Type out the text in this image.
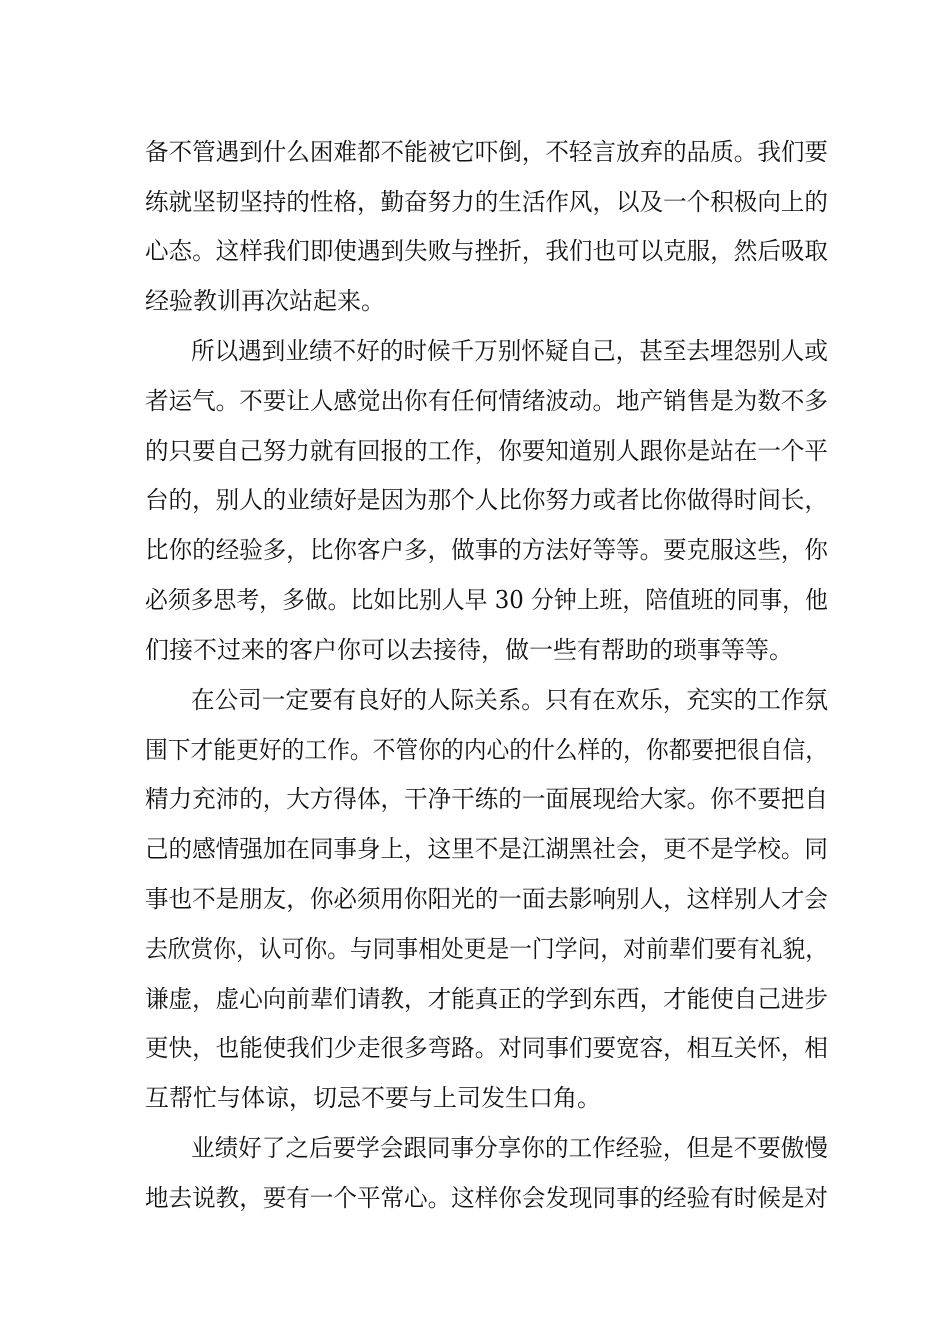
备不管遇到什么困难都不能被它吓倒，不轻言放弃的品质。我们要
练就坚韧坚持的性格，勤奋努力的生活作风，以及一个积极向上的
心态。这样我们即使遇到失败与挫折，我们也可以克服，然后吸取
经验教训再次站起来。
所以遇到业绩不好的时候千万别怀疑自己，甚至去埋怨别人或
者运气。不要让人感觉出你有任何情绪波动。地产销售是为数不多
的只要自己努力就有回报的工作，你要知道别人跟你是站在一个平
台的，别人的业绩好是因为那个人比你努力或者比你做得时间长，
比你的经验多，比你客户多，做事的方法好等等。要克服这些，你
必须多思考，多做。比如比别人早 30 分钟上班，陪值班的同事，他
们接不过来的客户你可以去接待，做一些有帮助的琐事等等。
在公司一定要有良好的人际关系。只有在欢乐，充实的工作氛
围下才能更好的工作。不管你的内心的什么样的，你都要把很自信，
精力充沛的，大方得体，干净干练的一面展现给大家。你不要把自
己的感情强加在同事身上，这里不是江湖黑社会，更不是学校。同
事也不是朋友，你必须用你阳光的一面去影响别人，这样别人才会
去欣赏你，认可你。与同事相处更是一门学问，对前辈们要有礼貌，
谦虚，虚心向前辈们请教，才能真正的学到东西，才能使自己进步
更快，也能使我们少走很多弯路。对同事们要宽容，相互关怀，相
互帮忙与体谅，切忌不要与上司发生口角。
业绩好了之后要学会跟同事分享你的工作经验，但是不要傲慢
地去说教，要有一个平常心。这样你会发现同事的经验有时候是对
